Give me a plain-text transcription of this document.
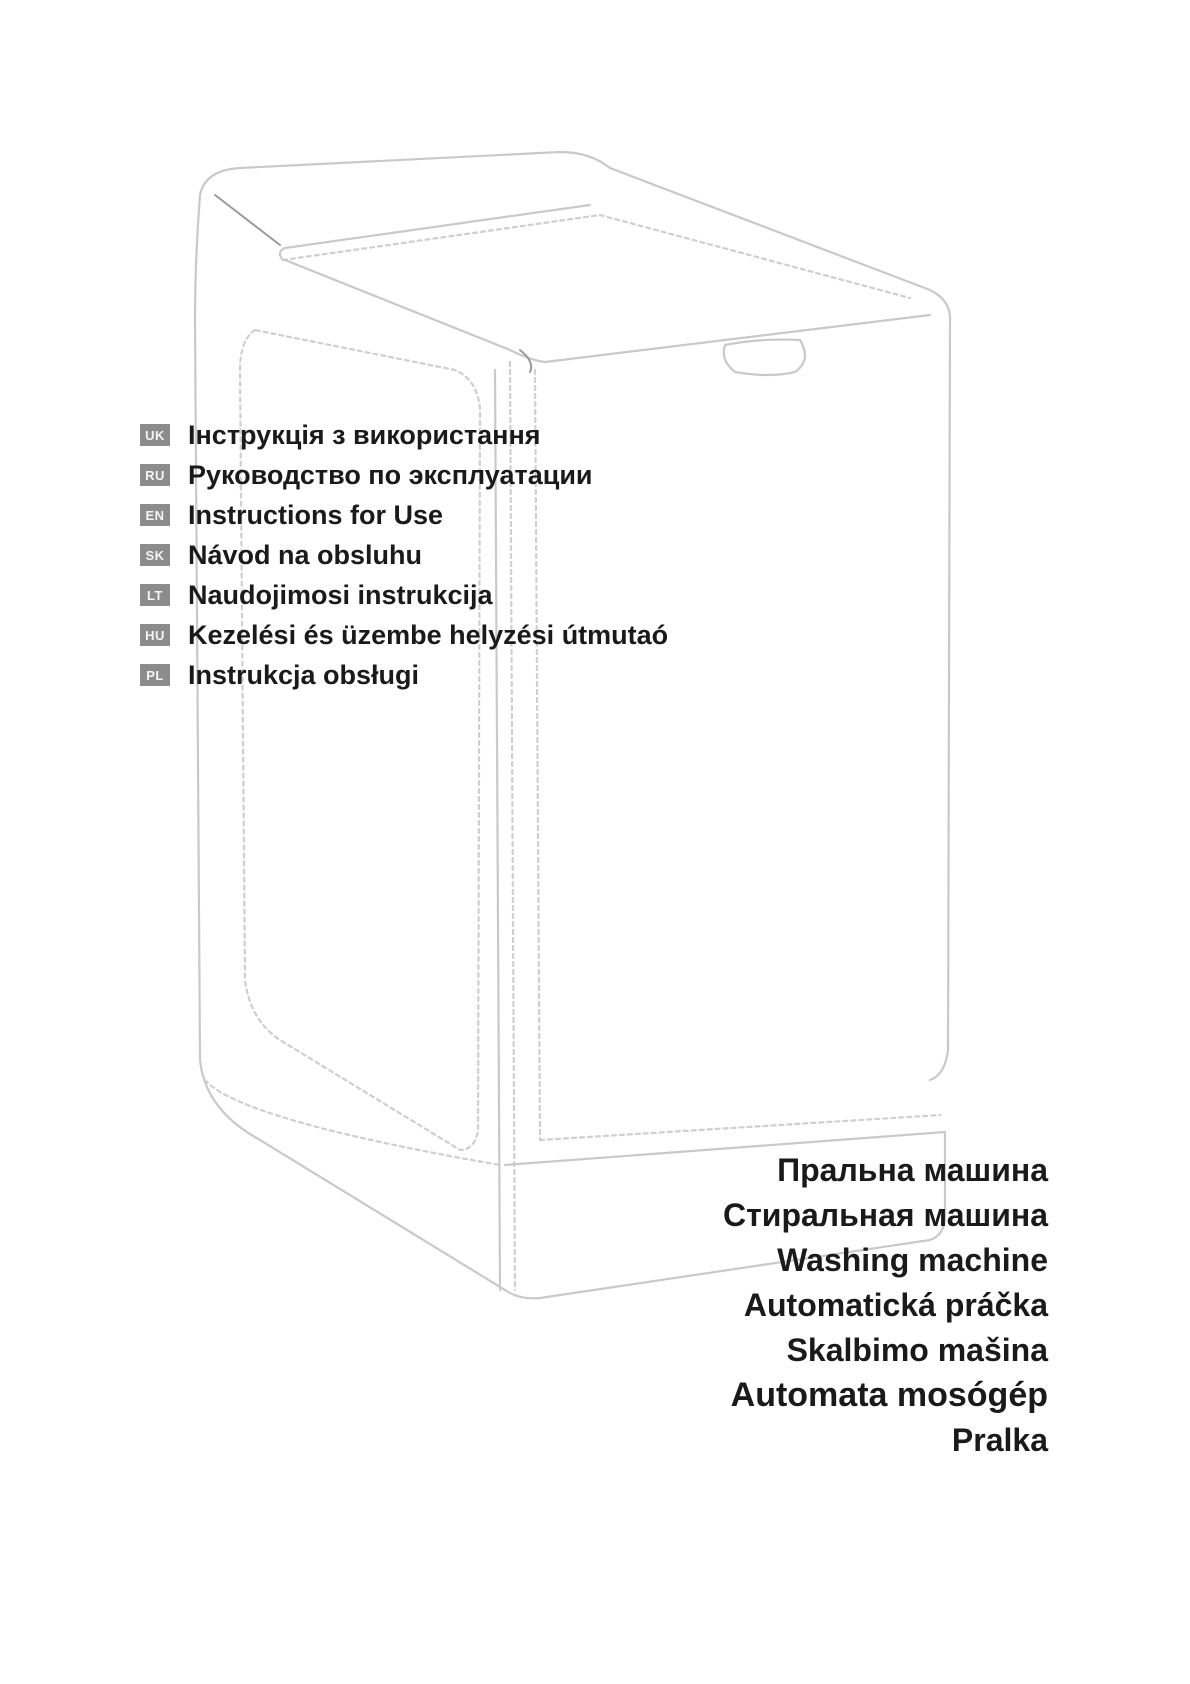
UK Інструкція з використання
RU Руководство по эксплуатации
EN Instructions for Use
SK Návod na obsluhu
LT Naudojimosi instrukcija
HU Kezelési és üzembe helyzési útmutaó
PL Instrukcja obsługi
Пральна машина
Стиральная машина
Washing machine
Automatická práčka
Skalbimo mašina
Automata mosógép
Pralka
